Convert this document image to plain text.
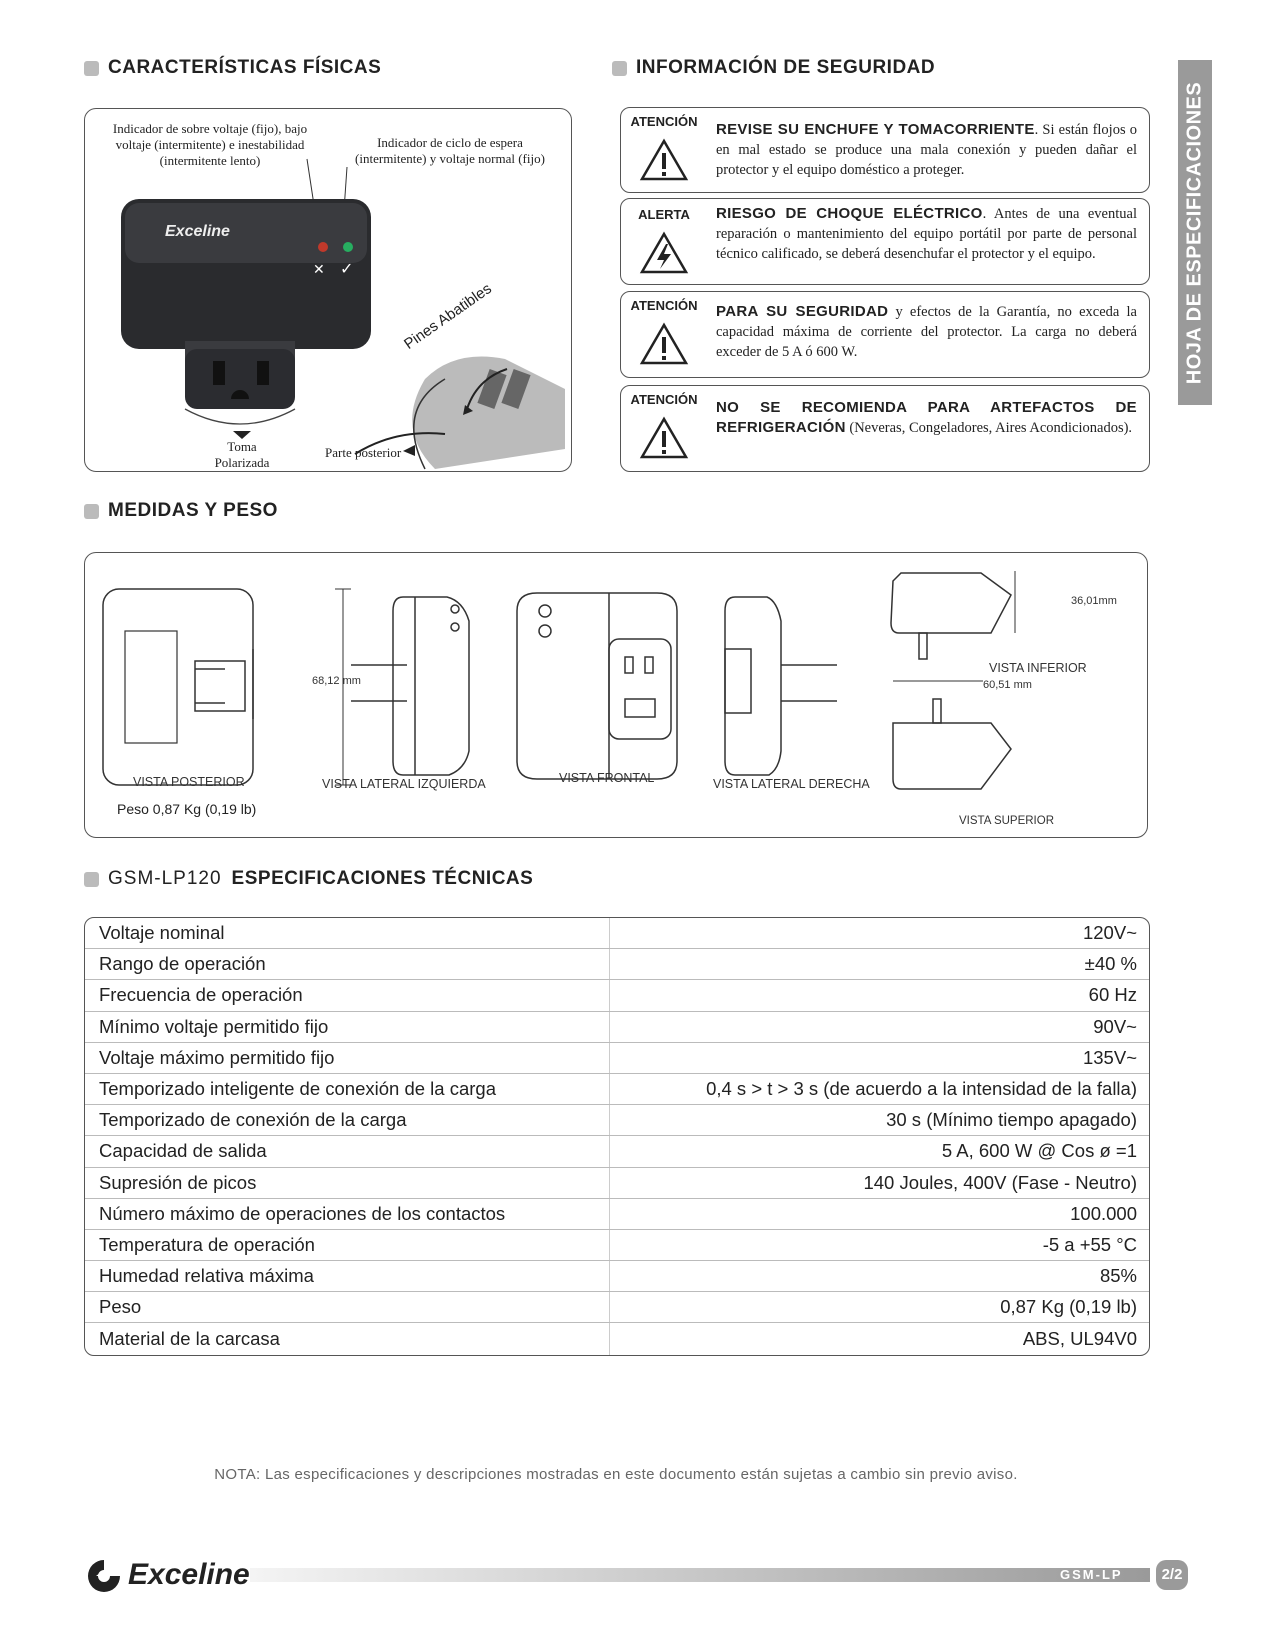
HOJA DE ESPECIFICACIONES
CARACTERÍSTICAS FÍSICAS
Indicador de sobre voltaje (fijo), bajo voltaje (intermitente) e inestabilidad (intermitente lento)
Indicador de ciclo de espera (intermitente) y voltaje normal (fijo)
Exceline
✕ ✓
Pines Abatibles
Toma Polarizada
Parte posterior
INFORMACIÓN DE SEGURIDAD
ATENCIÓN REVISE SU ENCHUFE Y TOMACORRIENTE. Si están flojos o en mal estado se produce una mala conexión y pueden dañar el protector y el equipo doméstico a proteger.
ALERTA	RIESGO DE CHOQUE ELÉCTRICO. Antes de una eventual reparación o mantenimiento del equipo portátil por parte de personal técnico calificado, se deberá desenchufar el protector y el equipo.
ATENCIÓN PARA SU SEGURIDAD y efectos de la Garantía, no exceda la capacidad máxima de corriente del protector. La carga no deberá exceder de 5 A ó 600 W.
ATENCIÓN NO SE RECOMIENDA PARA ARTEFACTOS DE REFRIGERACIÓN (Neveras, Congeladores, Aires Acondicionados).
MEDIDAS Y PESO
VISTA POSTERIOR	VISTA LATERAL IZQUIERDA	VISTA FRONTAL	VISTA LATERAL DERECHA
VISTA INFERIOR
VISTA SUPERIOR
68,12 mm
36,01mm
60,51 mm
Peso 0,87 Kg (0,19 lb)
GSM-LP120 ESPECIFICACIONES TÉCNICAS
Voltaje nominal	120V~
Rango de operación	±40 %
Frecuencia de operación	60 Hz
Mínimo voltaje permitido fijo	90V~
Voltaje máximo permitido fijo	135V~
Temporizado inteligente de conexión de la carga	0,4 s > t > 3 s (de acuerdo a la intensidad de la falla)
Temporizado de conexión de la carga	30 s (Mínimo tiempo apagado)
Capacidad de salida	5 A, 600 W @ Cos ø =1
Supresión de picos	140 Joules, 400V (Fase - Neutro)
Número máximo de operaciones de los contactos	100.000
Temperatura de operación	-5 a +55 °C
Humedad relativa máxima	85%
Peso	0,87 Kg (0,19 lb)
Material de la carcasa	ABS, UL94V0
NOTA: Las especificaciones y descripciones mostradas en este documento están sujetas a cambio sin previo aviso.
Exceline	GSM-LP	2/2
